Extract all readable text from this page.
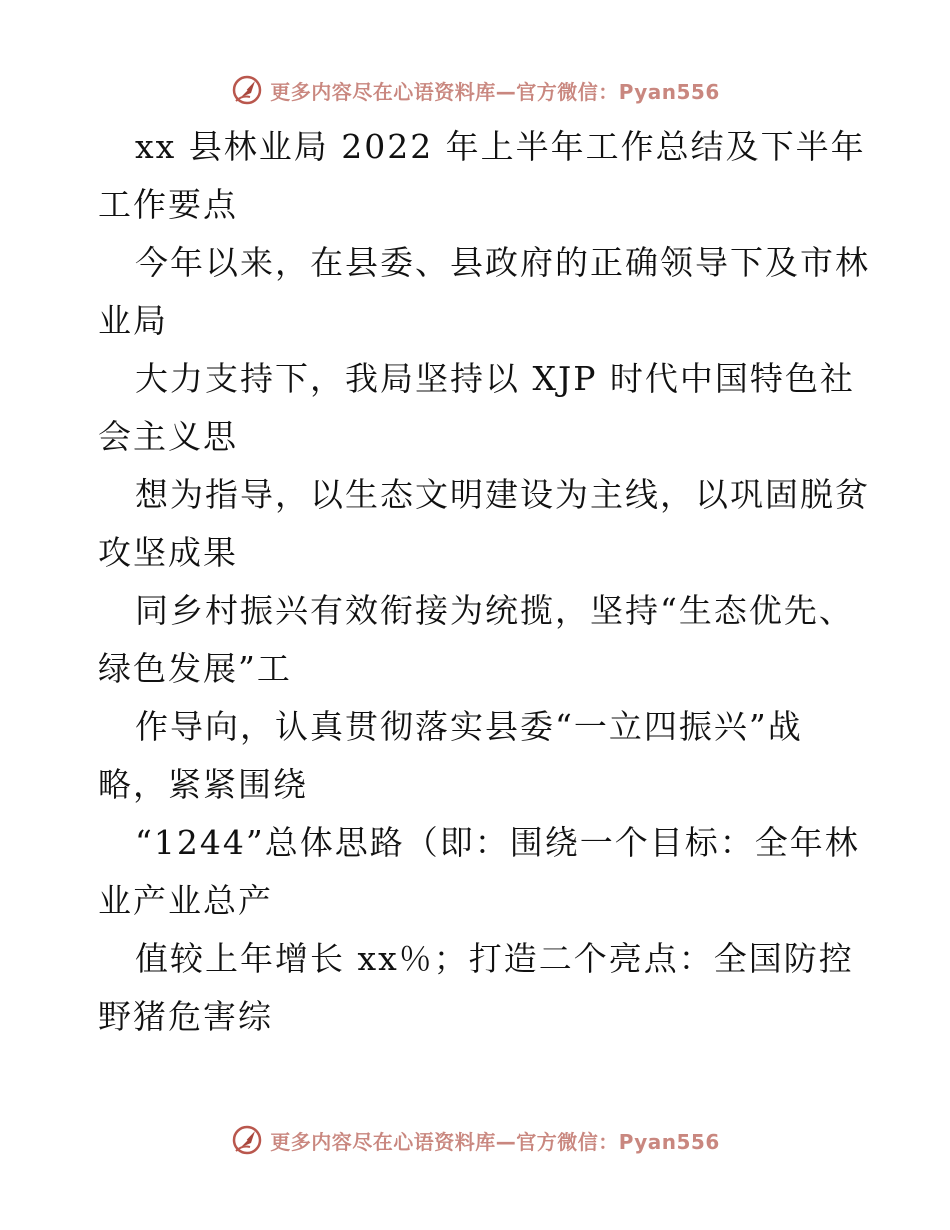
更多内容尽在心语资料库—官方微信：Pyan556
xx 县林业局 2022 年上半年工作总结及下半年
工作要点
今年以来，在县委、县政府的正确领导下及市林
业局
大力支持下，我局坚持以 XJP 时代中国特色社
会主义思
想为指导，以生态文明建设为主线，以巩固脱贫
攻坚成果
同乡村振兴有效衔接为统揽，坚持“生态优先、
绿色发展”工
作导向，认真贯彻落实县委“一立四振兴”战
略，紧紧围绕
“1244”总体思路（即：围绕一个目标：全年林
业产业总产
值较上年增长 xx％；打造二个亮点：全国防控
野猪危害综
更多内容尽在心语资料库—官方微信：Pyan556
